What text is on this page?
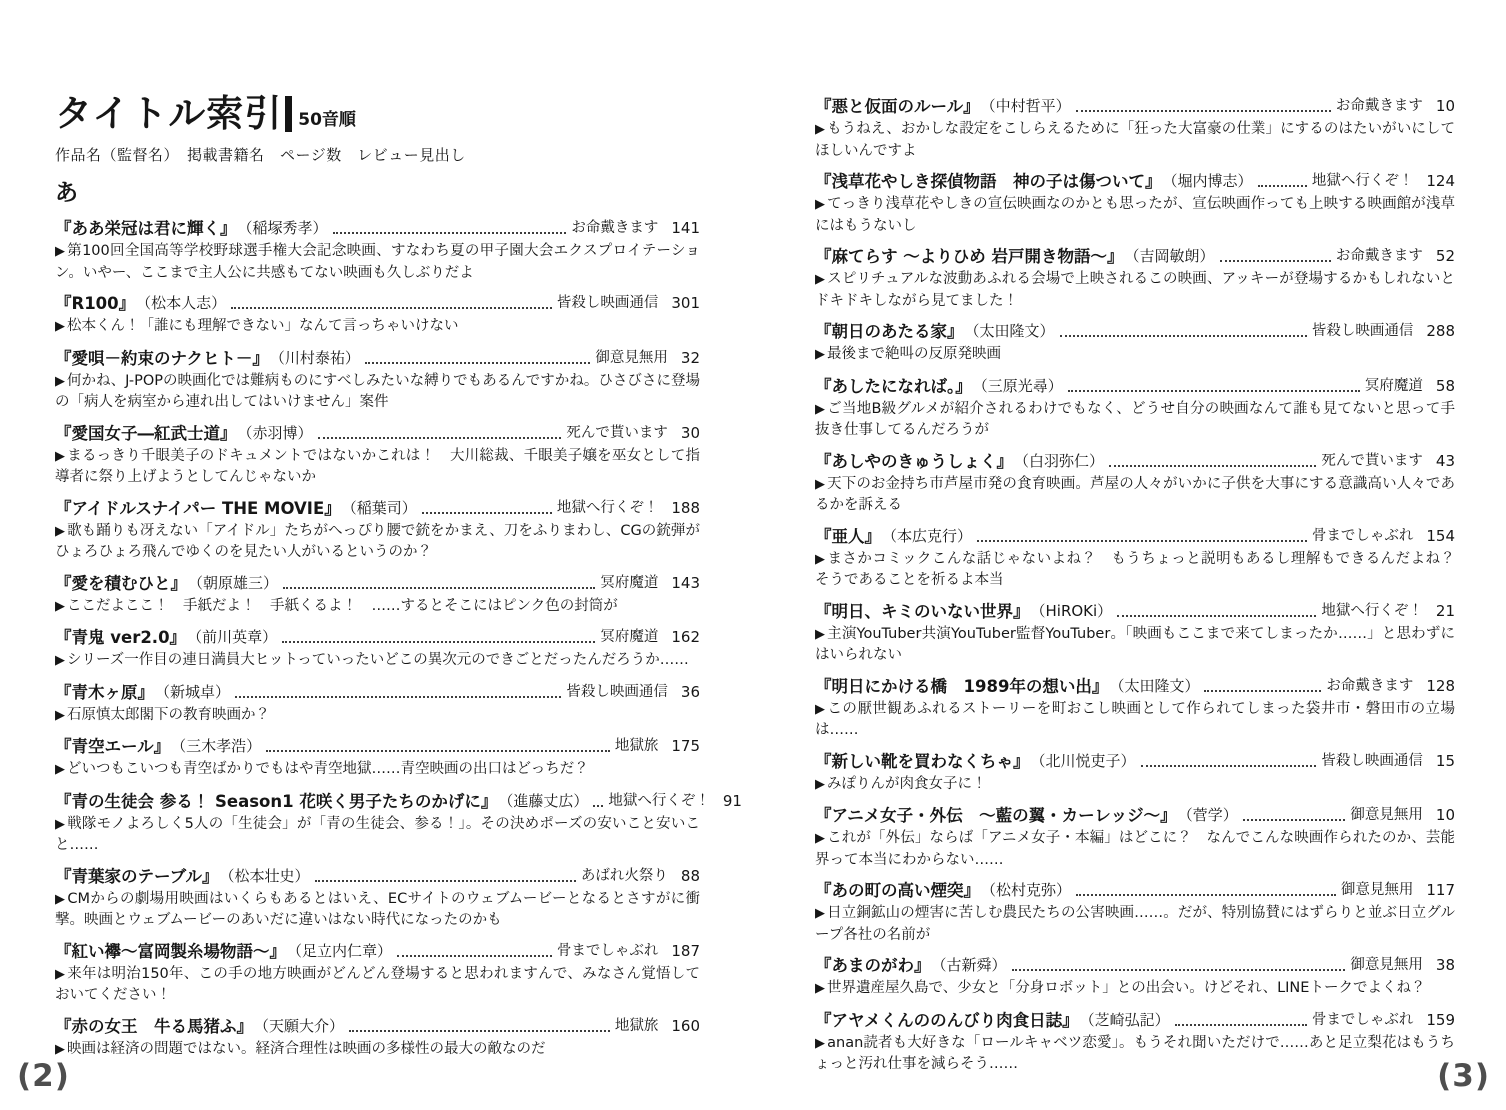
タイトル索引 50音順
作品名（監督名）　掲載書籍名　ページ数　レビュー見出し
あ
『ああ栄冠は君に輝く』 （稲塚秀孝）	お命戴きます 141
▶ 第100回全国高等学校野球選手権大会記念映画、すなわち夏の甲子園大会エクスプロイテーション。いやー、ここまで主人公に共感もてない映画も久しぶりだよ
『R100』 （松本人志）	皆殺し映画通信 301
▶ 松本くん！「誰にも理解できない」なんて言っちゃいけない
『愛唄－約束のナクヒト－』 （川村泰祐）	御意見無用 32
▶ 何かね、J-POPの映画化では難病ものにすべしみたいな縛りでもあるんですかね。ひさびさに登場の「病人を病室から連れ出してはいけません」案件
『愛国女子―紅武士道』 （赤羽博）	死んで貰います 30
▶ まるっきり千眼美子のドキュメントではないかこれは！　大川総裁、千眼美子嬢を巫女として指導者に祭り上げようとしてんじゃないか
『アイドルスナイパー THE MOVIE』 （稲葉司）	地獄へ行くぞ！ 188
▶ 歌も踊りも冴えない「アイドル」たちがへっぴり腰で銃をかまえ、刀をふりまわし、CGの銃弾がひょろひょろ飛んでゆくのを見たい人がいるというのか？
『愛を積むひと』 （朝原雄三）	冥府魔道 143
▶ ここだよここ！　手紙だよ！　手紙くるよ！　……するとそこにはピンク色の封筒が
『青鬼 ver2.0』 （前川英章）	冥府魔道 162
▶ シリーズ一作目の連日満員大ヒットっていったいどこの異次元のできごとだったんだろうか……
『青木ヶ原』 （新城卓）	皆殺し映画通信 36
▶ 石原慎太郎閣下の教育映画か？
『青空エール』 （三木孝浩）	地獄旅 175
▶ どいつもこいつも青空ばかりでもはや青空地獄……青空映画の出口はどっちだ？
『青の生徒会 参る！ Season1 花咲く男子たちのかげに』 （進藤丈広） 地獄へ行くぞ！ 91
▶ 戦隊モノよろしく5人の「生徒会」が「青の生徒会、参る！」。その決めポーズの安いこと安いこと……
『青葉家のテーブル』 （松本壮史）	あばれ火祭り 88
▶ CMからの劇場用映画はいくらもあるとはいえ、ECサイトのウェブムービーとなるとさすがに衝撃。映画とウェブムービーのあいだに違いはない時代になったのかも
『紅い襷～富岡製糸場物語～』 （足立内仁章）	骨までしゃぶれ 187
▶ 来年は明治150年、この手の地方映画がどんどん登場すると思われますんで、みなさん覚悟しておいてください！
『赤の女王　牛る馬猪ふ』 （天願大介）	地獄旅 160
▶ 映画は経済の問題ではない。経済合理性は映画の多様性の最大の敵なのだ
『悪と仮面のルール』 （中村哲平）	お命戴きます 10
▶ もうねえ、おかしな設定をこしらえるために「狂った大富豪の仕業」にするのはたいがいにしてほしいんですよ
『浅草花やしき探偵物語　神の子は傷ついて』 （堀内博志）	地獄へ行くぞ！ 124
▶ てっきり浅草花やしきの宣伝映画なのかとも思ったが、宣伝映画作っても上映する映画館が浅草にはもうないし
『麻てらす ～よりひめ 岩戸開き物語～』 （吉岡敏朗）	お命戴きます 52
▶ スピリチュアルな波動あふれる会場で上映されるこの映画、アッキーが登場するかもしれないとドキドキしながら見てました！
『朝日のあたる家』 （太田隆文）	皆殺し映画通信 288
▶ 最後まで絶叫の反原発映画
『あしたになれば。』 （三原光尋）	冥府魔道 58
▶ ご当地B級グルメが紹介されるわけでもなく、どうせ自分の映画なんて誰も見てないと思って手抜き仕事してるんだろうが
『あしやのきゅうしょく』 （白羽弥仁）	死んで貰います 43
▶ 天下のお金持ち市芦屋市発の食育映画。芦屋の人々がいかに子供を大事にする意識高い人々であるかを訴える
『亜人』 （本広克行）	骨までしゃぶれ 154
▶ まさかコミックこんな話じゃないよね？　もうちょっと説明もあるし理解もできるんだよね？　そうであることを祈るよ本当
『明日、キミのいない世界』 （HiROKi）	地獄へ行くぞ！ 21
▶ 主演YouTuber共演YouTuber監督YouTuber。「映画もここまで来てしまったか……」と思わずにはいられない
『明日にかける橋　1989年の想い出』 （太田隆文）	お命戴きます 128
▶ この厭世観あふれるストーリーを町おこし映画として作られてしまった袋井市・磐田市の立場は……
『新しい靴を買わなくちゃ』 （北川悦吏子）	皆殺し映画通信 15
▶ みぽりんが肉食女子に！
『アニメ女子・外伝　～藍の翼・カーレッジ～』 （菅学）	御意見無用 10
▶ これが「外伝」ならば「アニメ女子・本編」はどこに？　なんでこんな映画作られたのか、芸能界って本当にわからない……
『あの町の高い煙突』 （松村克弥）	御意見無用 117
▶ 日立銅鉱山の煙害に苦しむ農民たちの公害映画……。だが、特別協賛にはずらりと並ぶ日立グループ各社の名前が
『あまのがわ』 （古新舜）	御意見無用 38
▶ 世界遺産屋久島で、少女と「分身ロボット」との出会い。けどそれ、LINEトークでよくね？
『アヤメくんののんびり肉食日誌』 （芝崎弘記）	骨までしゃぶれ 159
▶ anan読者も大好きな「ロールキャベツ恋愛」。もうそれ聞いただけで……あと足立梨花はもうちょっと汚れ仕事を減らそう……
(2)	(3)
